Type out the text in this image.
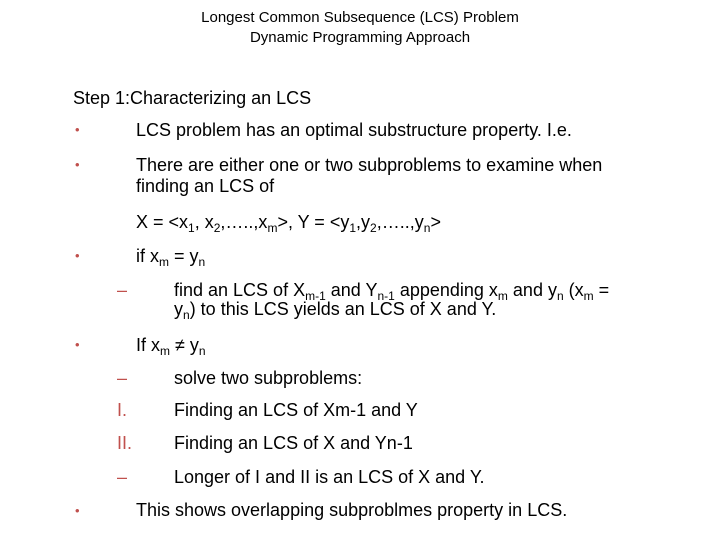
Longest Common Subsequence (LCS) Problem
Dynamic Programming Approach
Step 1:Characterizing an LCS
•	LCS problem has an optimal substructure property. I.e.
•	There are either one or two subproblems to examine when
finding an LCS of
$X = <x_1$, $x_2,\dots..,x_m>$, $Y = <y_1,y_2,\dots..,y_n>$
•	if $x_m = y_n$
–	find an LCS of $X_{m-1}$ and $Y_{n-1}$ appending $x_m$ and $y_n$ ($x_m$ =
$y_n$) to this LCS yields an LCS of X and Y.
•	If $x_m \ne y_n$
–	solve two subproblems:
I.	Finding an LCS of Xm-1 and Y
II. Finding an LCS of X and Yn-1
–	Longer of I and II is an LCS of X and Y.
•	This shows overlapping subproblmes property in LCS.
